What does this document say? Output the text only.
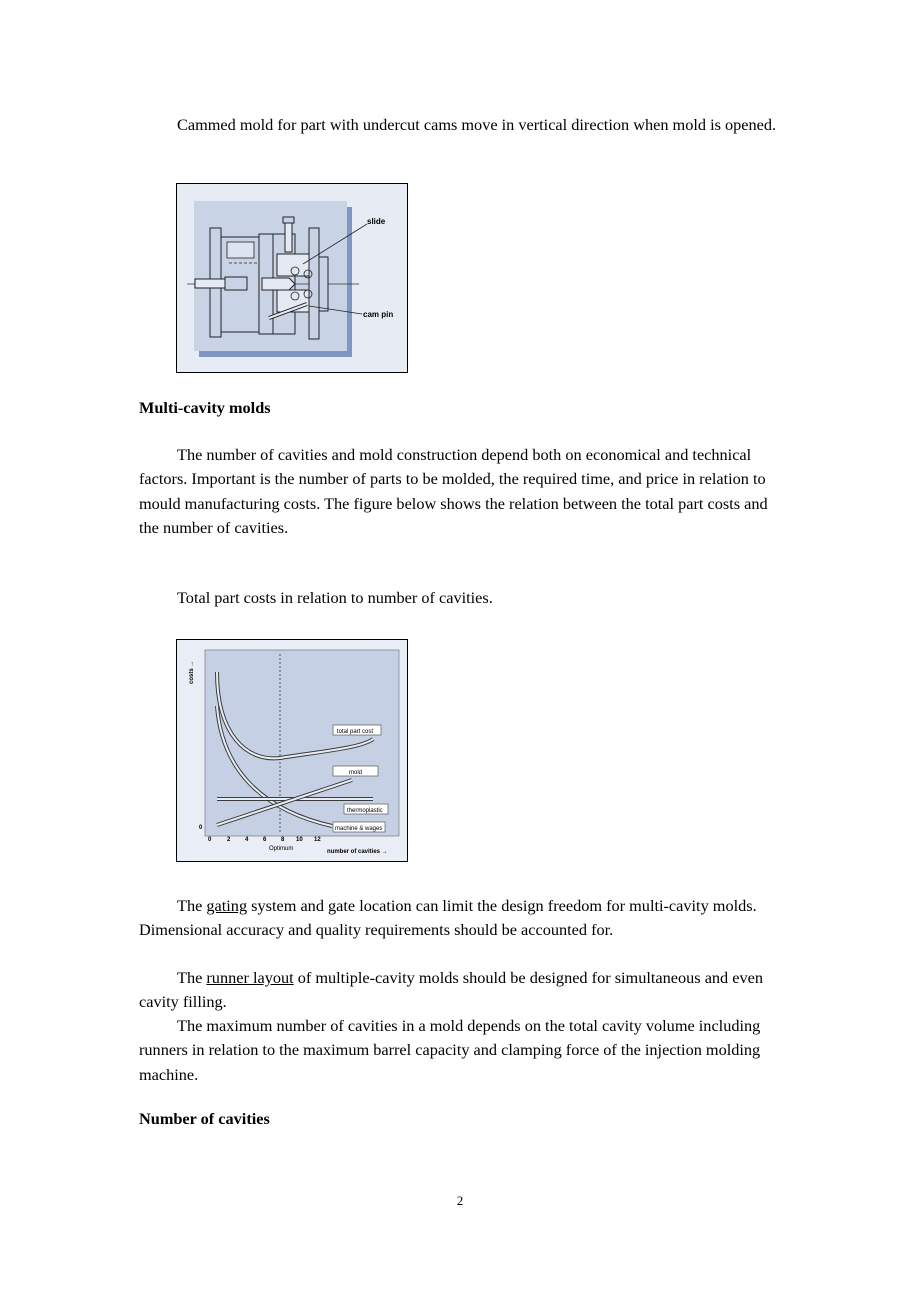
Cammed mold for part with undercut cams move in vertical direction when mold is opened.

slide
cam pin

Multi-cavity molds

The number of cavities and mold construction depend both on economical and technical factors. Important is the number of parts to be molded, the required time, and price in relation to mould manufacturing costs. The figure below shows the relation between the total part costs and the number of cavities.

Total part costs in relation to number of cavities.

total part cost
mold
thermoplastic
machine & wages
costs →
0
0	2 4 6 8 10 12
Optimum	number of cavities →

The gating system and gate location can limit the design freedom for multi-cavity molds. Dimensional accuracy and quality requirements should be accounted for.

The runner layout of multiple-cavity molds should be designed for simultaneous and even cavity filling.

The maximum number of cavities in a mold depends on the total cavity volume including runners in relation to the maximum barrel capacity and clamping force of the injection molding machine.

Number of cavities

2
